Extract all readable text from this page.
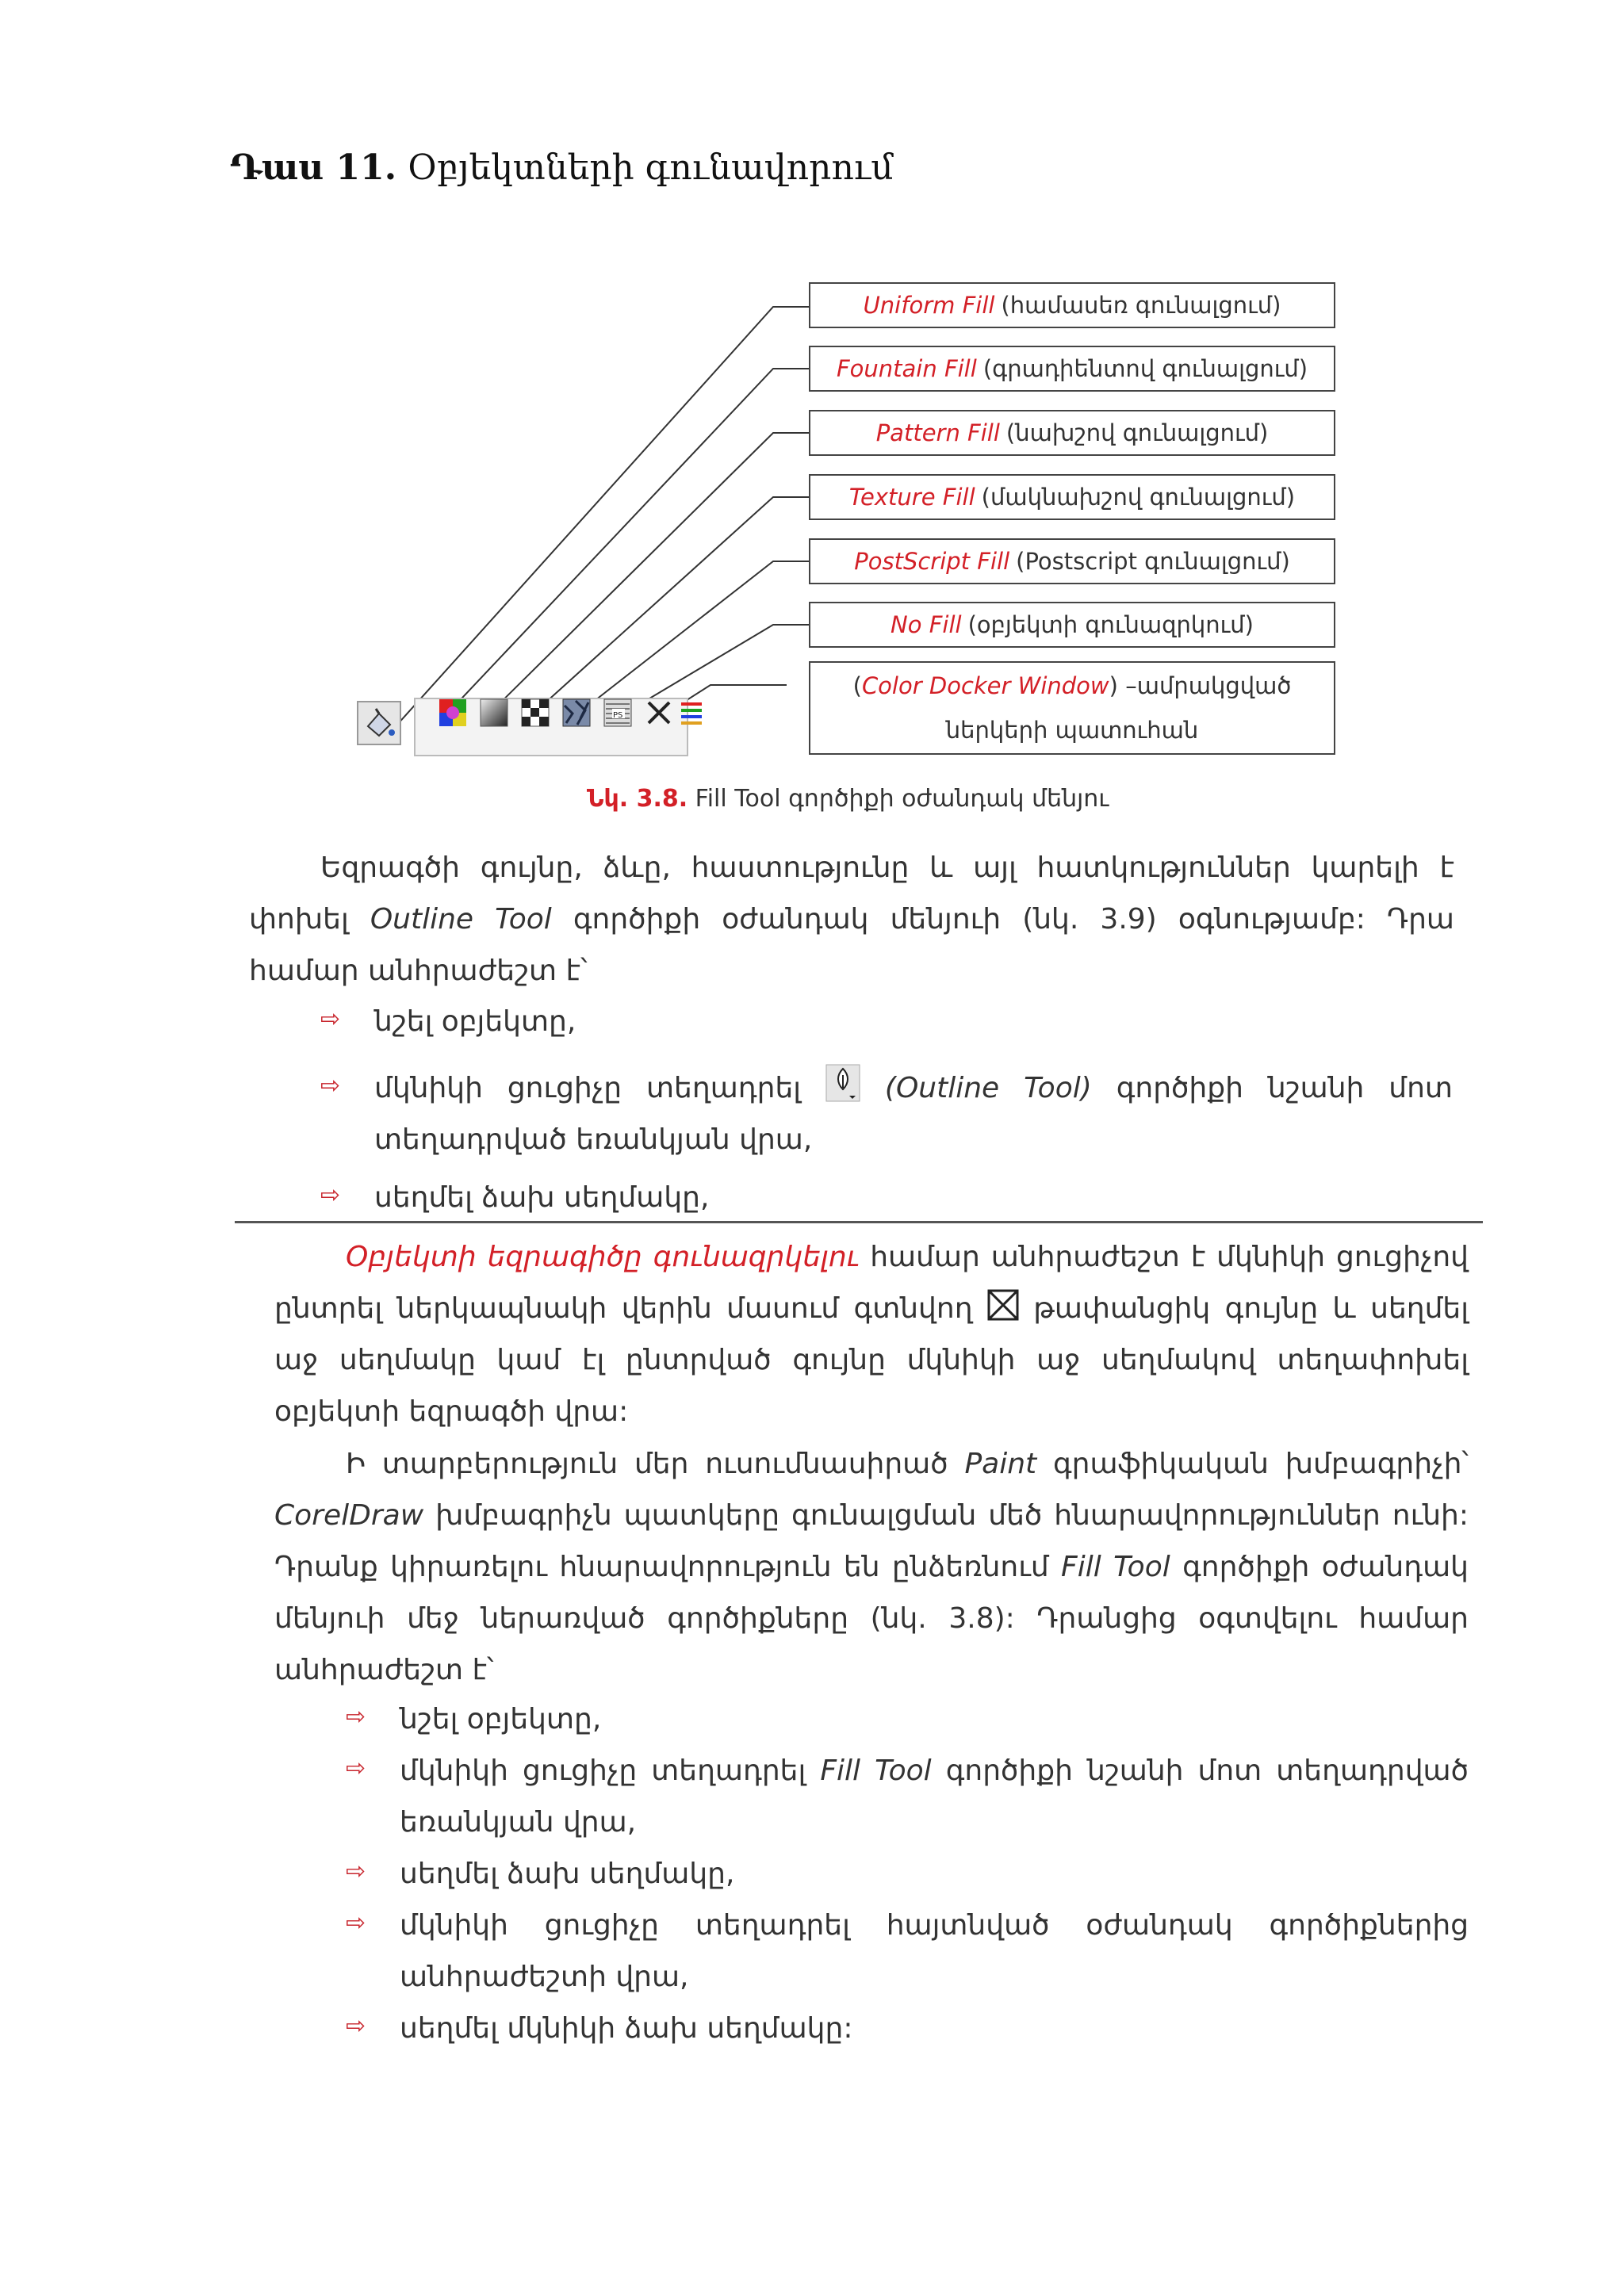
Դաս 11. Օբյեկտների գունավորում
Uniform Fill (համասեռ գունալցում)
Fountain Fill (գրադիենտով գունալցում)
Pattern Fill (նախշով գունալցում)
Texture Fill (մակնախշով գունալցում)
PostScript Fill (Postscript գունալցում)
No Fill (օբյեկտի գունազրկում)
(Color Docker Window) –ամրակցված
ներկերի պատուհան
PS
Նկ. 3.8. Fill Tool գործիքի օժանդակ մենյու
Եզրագծի գույնը, ձևը, հաստությունը և այլ հատկություններ կարելի է փոխել Outline Tool գործիքի օժանդակ մենյուի (նկ. 3.9) օգնությամբ: Դրա համար անհրաժեշտ է՝
⇨ նշել օբյեկտը,
⇨ մկնիկի ցուցիչը տեղադրել  (Outline Tool) գործիքի նշանի մոտ տեղադրված եռանկյան վրա,
⇨ սեղմել ձախ սեղմակը,
Օբյեկտի եզրագիծը գունազրկելու համար անհրաժեշտ է մկնիկի ցուցիչով ընտրել ներկապնակի վերին մասում գտնվող  թափանցիկ գույնը և սեղմել աջ սեղմակը կամ էլ ընտրված գույնը մկնիկի աջ սեղմակով տեղափոխել օբյեկտի եզրագծի վրա:
Ի տարբերություն մեր ուսումնասիրած Paint գրաֆիկական խմբագրիչի՝ CorelDraw խմբագրիչն պատկերը գունալցման մեծ հնարավորություններ ունի: Դրանք կիրառելու հնարավորություն են ընձեռնում Fill Tool գործիքի օժանդակ մենյուի մեջ ներառված գործիքները (նկ. 3.8): Դրանցից օգտվելու համար անհրաժեշտ է՝
⇨ նշել օբյեկտը,
⇨ մկնիկի ցուցիչը տեղադրել Fill Tool գործիքի նշանի մոտ տեղադրված եռանկյան վրա,
⇨ սեղմել ձախ սեղմակը,
⇨ մկնիկի ցուցիչը տեղադրել հայտնված օժանդակ գործիքներից անհրաժեշտի վրա,
⇨ սեղմել մկնիկի ձախ սեղմակը:
